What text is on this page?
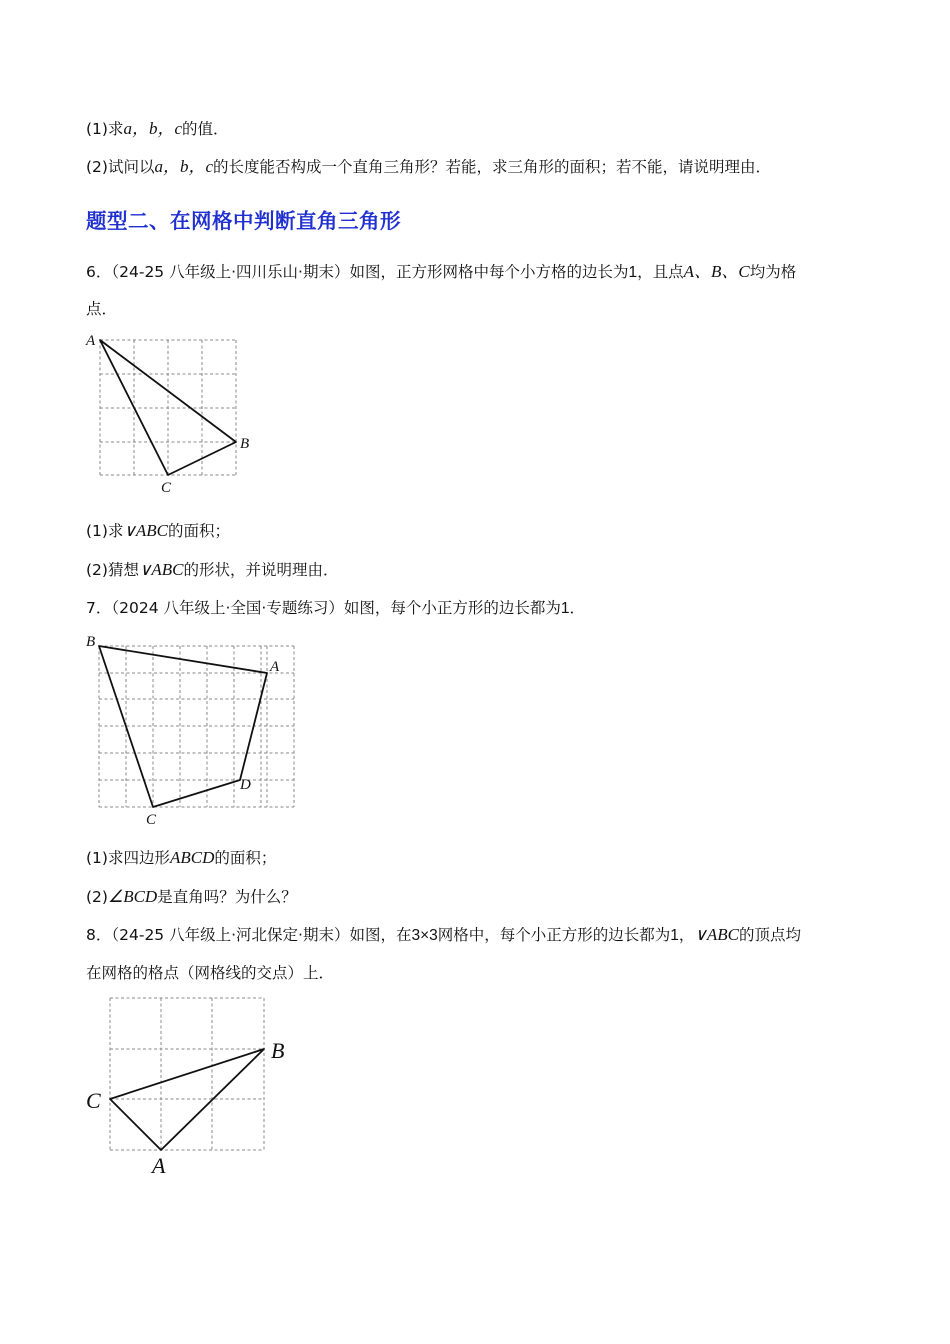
(1)求a，b，c的值．
(2)试问以a，b，c的长度能否构成一个直角三角形？若能，求三角形的面积；若不能，请说明理由．
题型二、在网格中判断直角三角形
6．（24-25 八年级上·四川乐山·期末）如图，正方形网格中每个小方格的边长为1，且点A、B、C均为格
点．
A
B
C
(1)求∨ABC的面积；
(2)猜想∨ABC的形状，并说明理由．
7．（2024 八年级上·全国·专题练习）如图，每个小正方形的边长都为1．
B
A
C
D
(1)求四边形ABCD的面积；
(2)∠BCD是直角吗？为什么？
8．（24-25 八年级上·河北保定·期末）如图，在3×3网格中，每个小正方形的边长都为1，∨ABC的顶点均
在网格的格点（网格线的交点）上．
B
C
A
